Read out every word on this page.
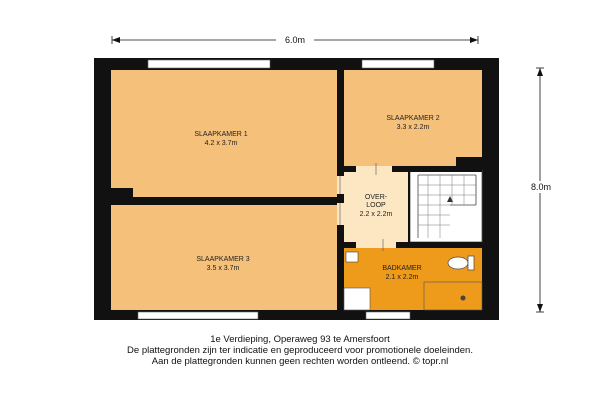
SLAAPKAMER 1
4.2 x 3.7m
SLAAPKAMER 2
3.3 x 2.2m
SLAAPKAMER 3
3.5 x 3.7m
OVER-
LOOP
2.2 x 2.2m
BADKAMER
2.1 x 2.2m
6.0m
8.0m
1e Verdieping, Operaweg 93 te Amersfoort
De plattegronden zijn ter indicatie en geproduceerd voor promotionele doeleinden.
Aan de plattegronden kunnen geen rechten worden ontleend. © topr.nl
